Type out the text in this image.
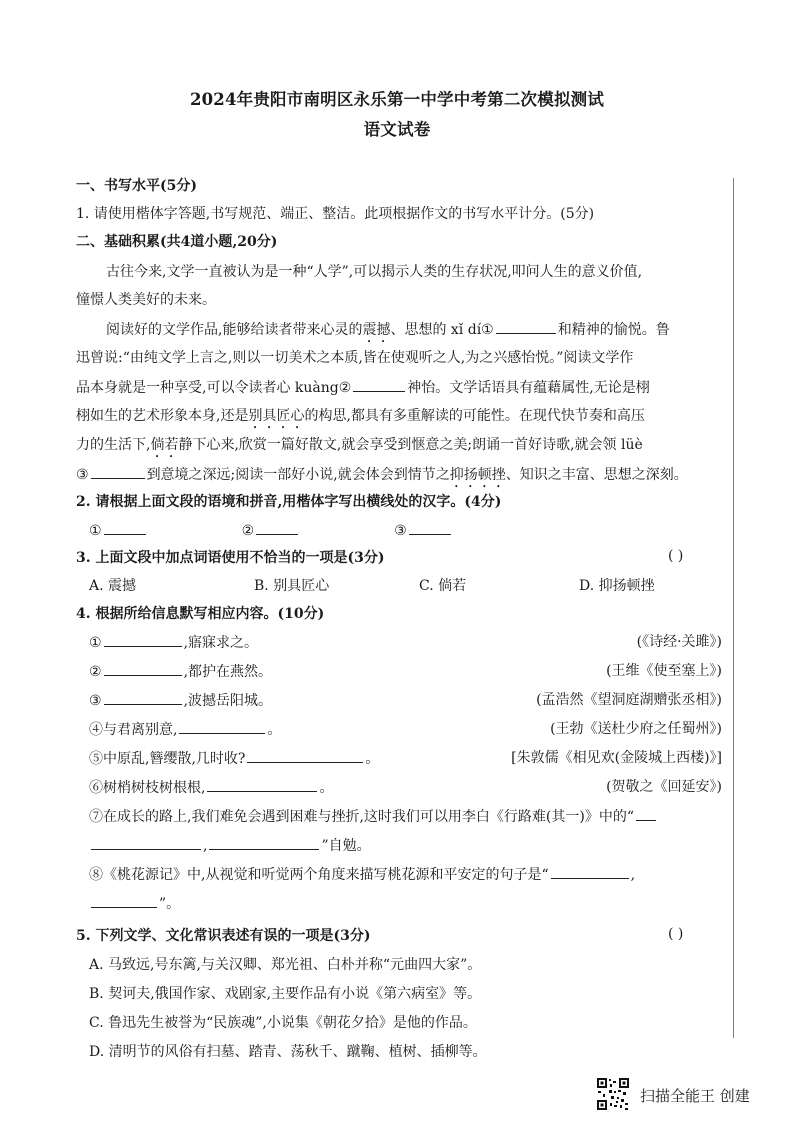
2024年贵阳市南明区永乐第一中学中考第二次模拟测试
语文试卷
一、书写水平(5分)
1. 请使用楷体字答题,书写规范、端正、整洁。此项根据作文的书写水平计分。(5分)
二、基础积累(共4道小题,20分)
古往今来,文学一直被认为是一种“人学”,可以揭示人类的生存状况,叩问人生的意义价值,
憧憬人类美好的未来。
阅读好的文学作品,能够给读者带来心灵的震撼、思想的 xǐ dí①	和精神的愉悦。鲁
迅曾说:“由纯文学上言之,则以一切美术之本质,皆在使观听之人,为之兴感怡悦。”阅读文学作
品本身就是一种享受,可以令读者心 kuàng②	神怡。文学话语具有蕴藉属性,无论是栩
栩如生的艺术形象本身,还是别具匠心的构思,都具有多重解读的可能性。在现代快节奏和高压
力的生活下,倘若静下心来,欣赏一篇好散文,就会享受到惬意之美;朗诵一首好诗歌,就会领 lüè
③	到意境之深远;阅读一部好小说,就会体会到情节之抑扬顿挫、知识之丰富、思想之深刻。
2. 请根据上面文段的语境和拼音,用楷体字写出横线处的汉字。(4分)
①	②	③
3. 上面文段中加点词语使用不恰当的一项是(3分)	( )
A. 震撼	B. 别具匠心	C. 倘若	D. 抑扬顿挫
4. 根据所给信息默写相应内容。(10分)
①	,寤寐求之。	(《诗经·关雎》)
②	,都护在燕然。	(王维《使至塞上》)
③	,波撼岳阳城。	(孟浩然《望洞庭湖赠张丞相》)
④与君离别意,	。	(王勃《送杜少府之任蜀州》)
⑤中原乱,簪缨散,几时收?	。	[朱敦儒《相见欢(金陵城上西楼)》]
⑥树梢树枝树根根,	。	(贺敬之《回延安》)
⑦在成长的路上,我们难免会遇到困难与挫折,这时我们可以用李白《行路难(其一)》中的“
,	”自勉。
⑧《桃花源记》中,从视觉和听觉两个角度来描写桃花源和平安定的句子是“	,
”。
5. 下列文学、文化常识表述有误的一项是(3分)	( )
A. 马致远,号东篱,与关汉卿、郑光祖、白朴并称“元曲四大家”。
B. 契诃夫,俄国作家、戏剧家,主要作品有小说《第六病室》等。
C. 鲁迅先生被誉为“民族魂”,小说集《朝花夕拾》是他的作品。
D. 清明节的风俗有扫墓、踏青、荡秋千、蹴鞠、植树、插柳等。
扫描全能王 创建
